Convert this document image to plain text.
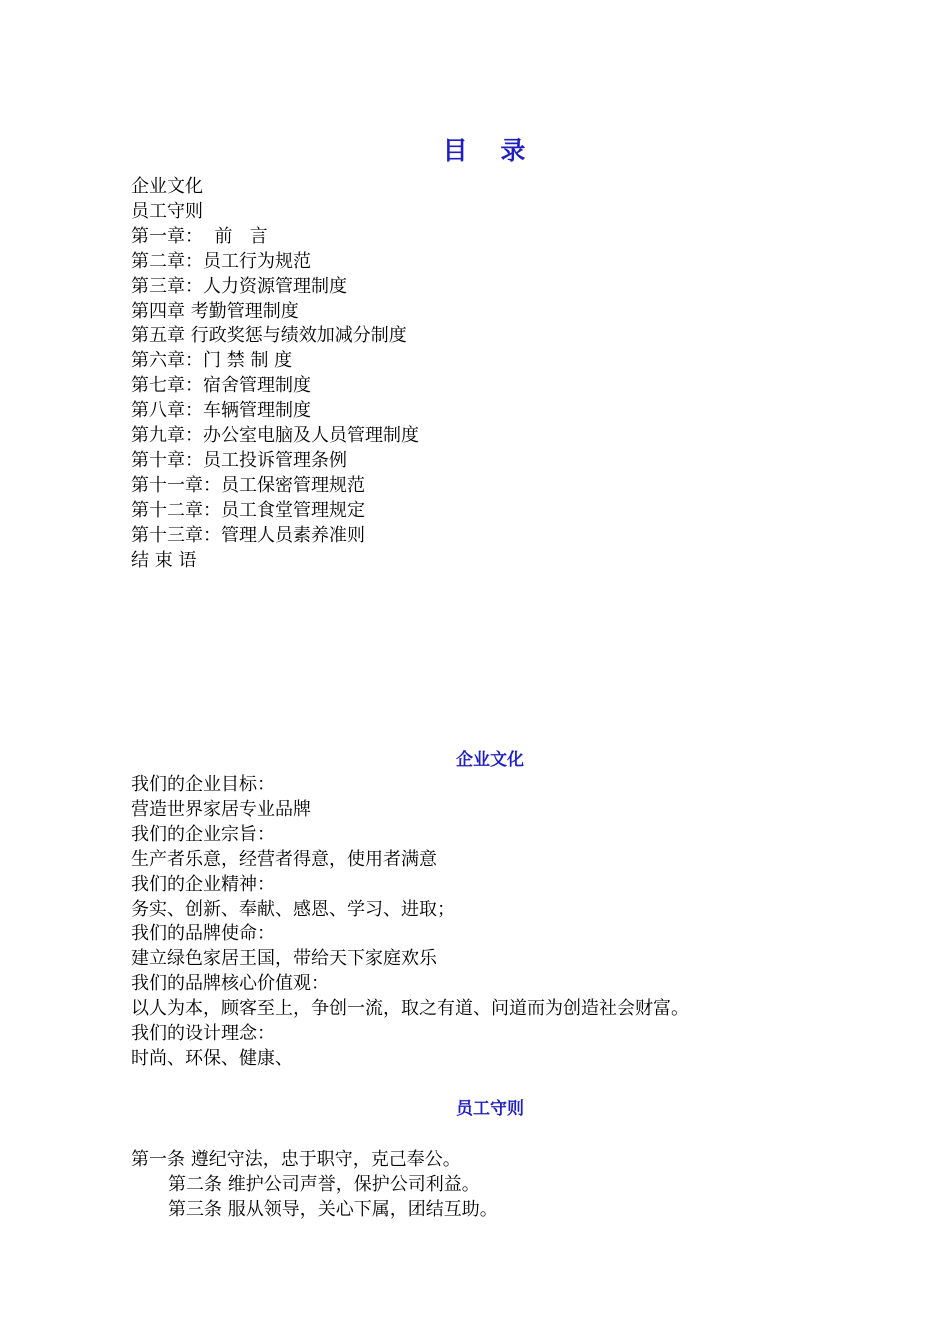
目 录
企业文化
员工守则
第一章：  前   言
第二章：员工行为规范
第三章：人力资源管理制度
第四章 考勤管理制度
第五章 行政奖惩与绩效加减分制度
第六章：门 禁 制 度
第七章：宿舍管理制度
第八章：车辆管理制度
第九章：办公室电脑及人员管理制度
第十章：员工投诉管理条例
第十一章：员工保密管理规范
第十二章：员工食堂管理规定
第十三章：管理人员素养准则
结 束 语
企业文化
我们的企业目标：
营造世界家居专业品牌
我们的企业宗旨：
生产者乐意，经营者得意，使用者满意
我们的企业精神：
务实、创新、奉献、感恩、学习、进取；
我们的品牌使命：
建立绿色家居王国，带给天下家庭欢乐
我们的品牌核心价值观：
以人为本，顾客至上，争创一流，取之有道、问道而为创造社会财富。
我们的设计理念：
时尚、环保、健康、
员工守则
第一条 遵纪守法，忠于职守，克己奉公。
第二条 维护公司声誉，保护公司利益。
第三条 服从领导，关心下属，团结互助。
